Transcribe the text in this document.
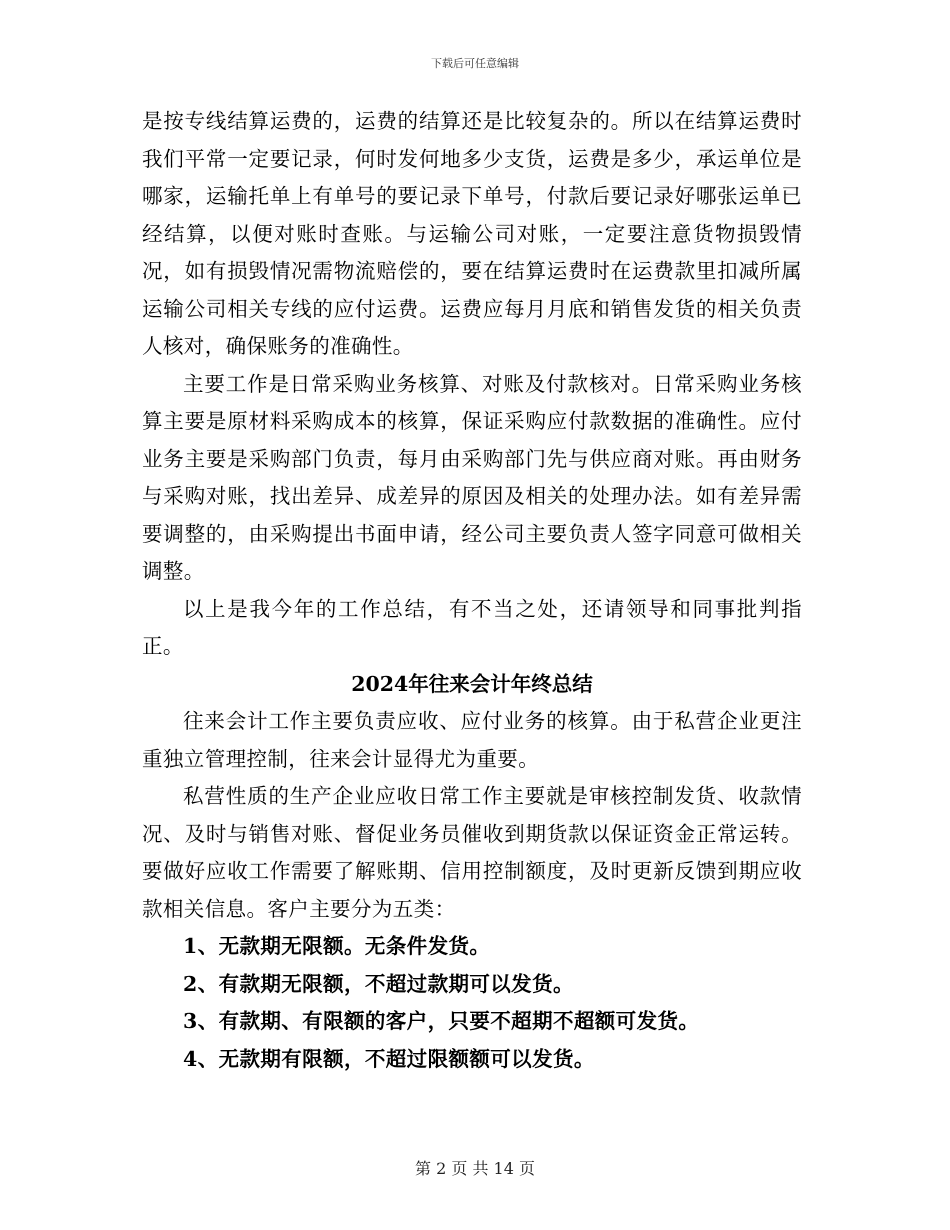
下载后可任意编辑

是按专线结算运费的，运费的结算还是比较复杂的。所以在结算运费时我们平常一定要记录，何时发何地多少支货，运费是多少，承运单位是哪家，运输托单上有单号的要记录下单号，付款后要记录好哪张运单已经结算，以便对账时查账。与运输公司对账，一定要注意货物损毁情况，如有损毁情况需物流赔偿的，要在结算运费时在运费款里扣减所属运输公司相关专线的应付运费。运费应每月月底和销售发货的相关负责人核对，确保账务的准确性。

主要工作是日常采购业务核算、对账及付款核对。日常采购业务核算主要是原材料采购成本的核算，保证采购应付款数据的准确性。应付业务主要是采购部门负责，每月由采购部门先与供应商对账。再由财务与采购对账，找出差异、成差异的原因及相关的处理办法。如有差异需要调整的，由采购提出书面申请，经公司主要负责人签字同意可做相关调整。

以上是我今年的工作总结，有不当之处，还请领导和同事批判指正。

2024年往来会计年终总结

往来会计工作主要负责应收、应付业务的核算。由于私营企业更注重独立管理控制，往来会计显得尤为重要。

私营性质的生产企业应收日常工作主要就是审核控制发货、收款情况、及时与销售对账、督促业务员催收到期货款以保证资金正常运转。要做好应收工作需要了解账期、信用控制额度，及时更新反馈到期应收款相关信息。客户主要分为五类：

1、无款期无限额。无条件发货。

2、有款期无限额，不超过款期可以发货。

3、有款期、有限额的客户，只要不超期不超额可发货。

4、无款期有限额，不超过限额额可以发货。

第 2 页 共 14 页
